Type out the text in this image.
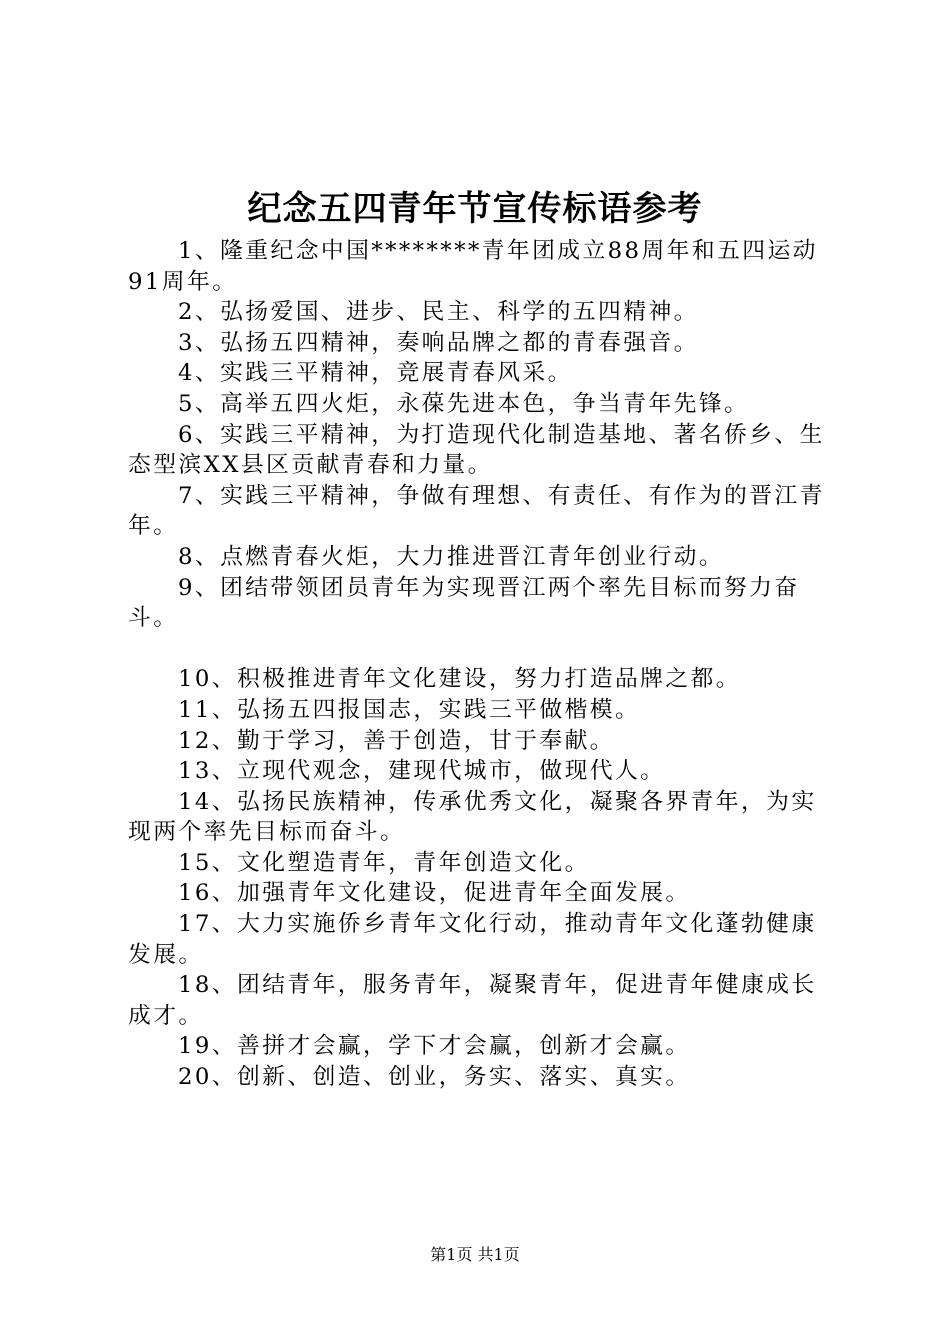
纪念五四青年节宣传标语参考

1、隆重纪念中国********青年团成立88周年和五四运动91周年。

2、弘扬爱国、进步、民主、科学的五四精神。

3、弘扬五四精神，奏响品牌之都的青春强音。

4、实践三平精神，竞展青春风采。

5、高举五四火炬，永葆先进本色，争当青年先锋。

6、实践三平精神，为打造现代化制造基地、著名侨乡、生态型滨XX县区贡献青春和力量。

7、实践三平精神，争做有理想、有责任、有作为的晋江青年。

8、点燃青春火炬，大力推进晋江青年创业行动。

9、团结带领团员青年为实现晋江两个率先目标而努力奋斗。

10、积极推进青年文化建设，努力打造品牌之都。

11、弘扬五四报国志，实践三平做楷模。

12、勤于学习，善于创造，甘于奉献。

13、立现代观念，建现代城市，做现代人。

14、弘扬民族精神，传承优秀文化，凝聚各界青年，为实现两个率先目标而奋斗。

15、文化塑造青年，青年创造文化。

16、加强青年文化建设，促进青年全面发展。

17、大力实施侨乡青年文化行动，推动青年文化蓬勃健康发展。

18、团结青年，服务青年，凝聚青年，促进青年健康成长成才。

19、善拼才会赢，学下才会赢，创新才会赢。

20、创新、创造、创业，务实、落实、真实。

第1页 共1页
